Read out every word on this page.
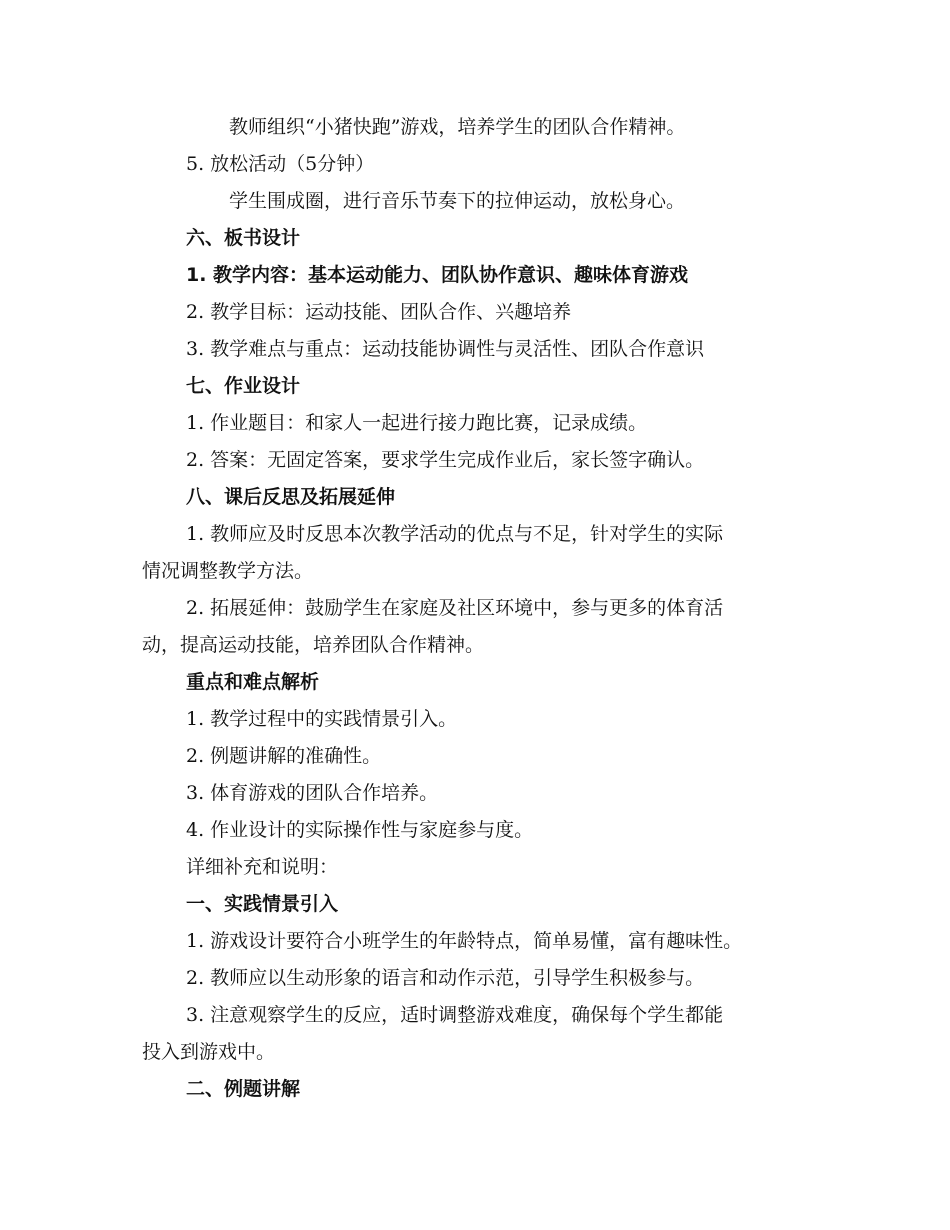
教师组织“小猪快跑”游戏，培养学生的团队合作精神。
5. 放松活动（5分钟）
学生围成圈，进行音乐节奏下的拉伸运动，放松身心。
六、板书设计
1. 教学内容：基本运动能力、团队协作意识、趣味体育游戏
2. 教学目标：运动技能、团队合作、兴趣培养
3. 教学难点与重点：运动技能协调性与灵活性、团队合作意识
七、作业设计
1. 作业题目：和家人一起进行接力跑比赛，记录成绩。
2. 答案：无固定答案，要求学生完成作业后，家长签字确认。
八、课后反思及拓展延伸
1. 教师应及时反思本次教学活动的优点与不足，针对学生的实际
情况调整教学方法。
2. 拓展延伸：鼓励学生在家庭及社区环境中，参与更多的体育活
动，提高运动技能，培养团队合作精神。
重点和难点解析
1. 教学过程中的实践情景引入。
2. 例题讲解的准确性。
3. 体育游戏的团队合作培养。
4. 作业设计的实际操作性与家庭参与度。
详细补充和说明：
一、实践情景引入
1. 游戏设计要符合小班学生的年龄特点，简单易懂，富有趣味性。
2. 教师应以生动形象的语言和动作示范，引导学生积极参与。
3. 注意观察学生的反应，适时调整游戏难度，确保每个学生都能
投入到游戏中。
二、例题讲解
